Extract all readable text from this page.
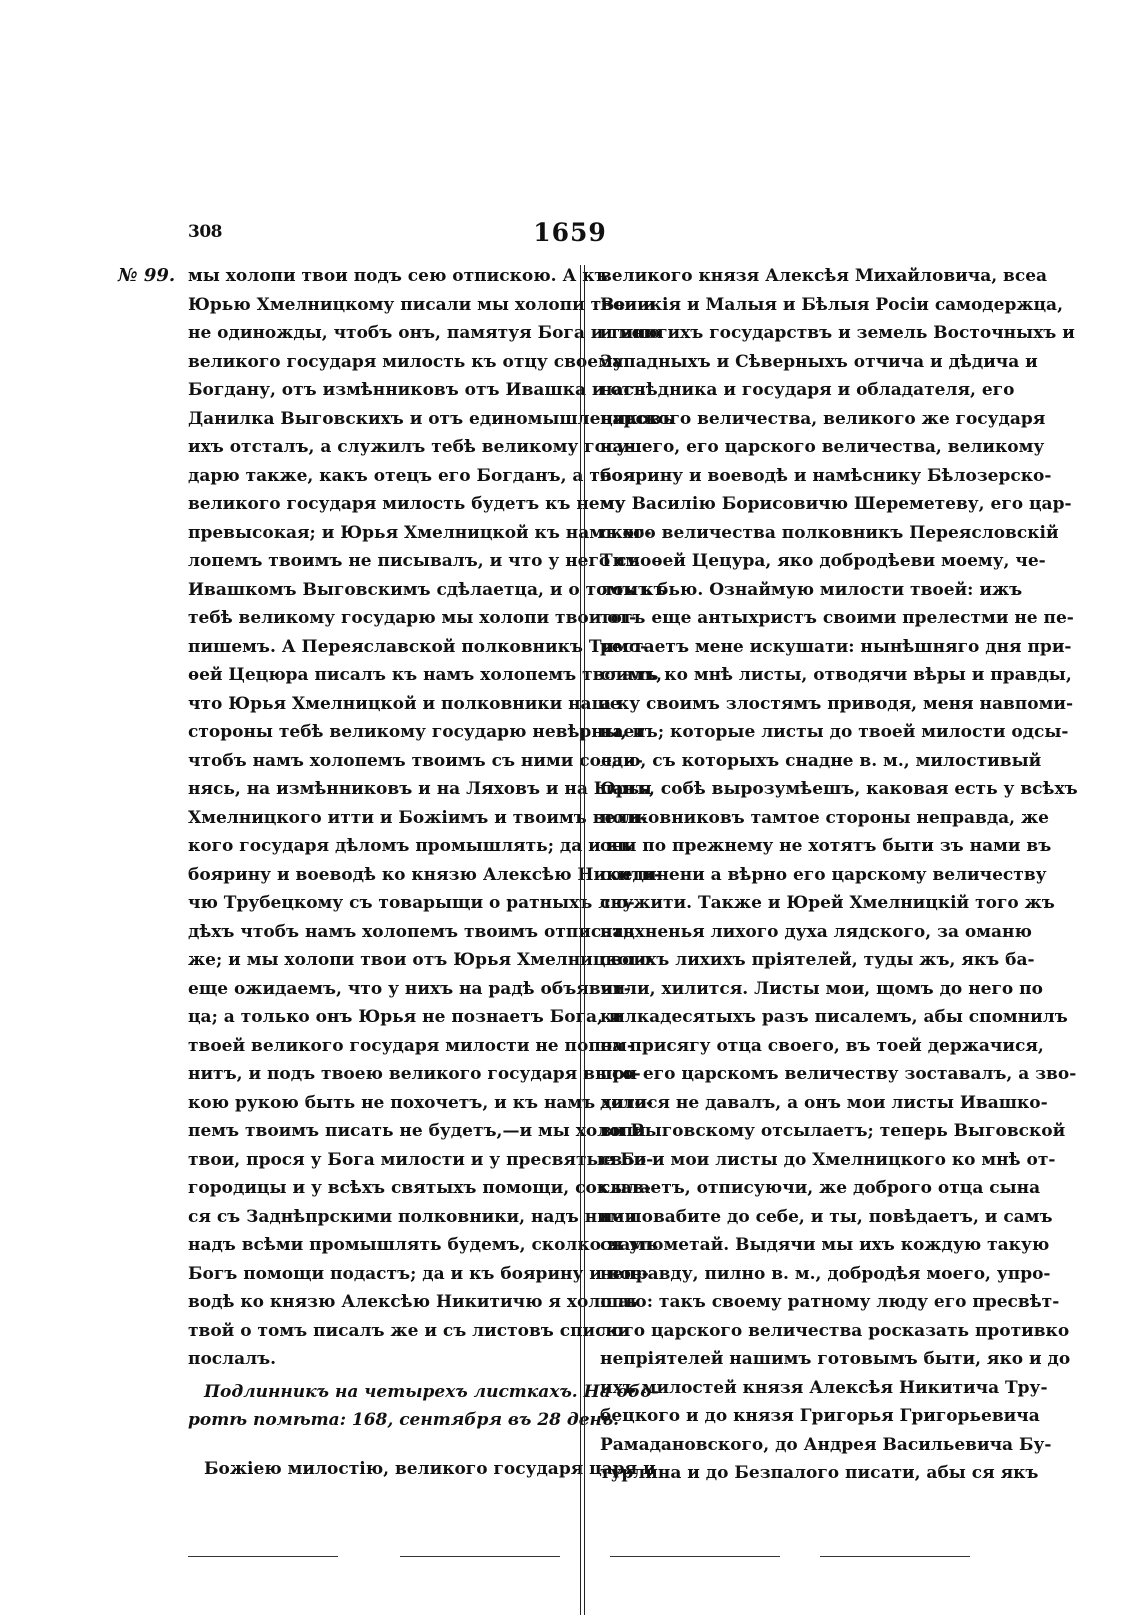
308	1659
№ 99. мы холопи твои подъ сею отпискою. А къ
Юрью Хмелницкому писали мы холопи твои и
не одиножды, чтобъ онъ, памятуя Бога и твою
великого государя милость къ отцу своему
Богдану, отъ измѣнниковъ отъ Ивашка и отъ
Данилка Выговскихъ и отъ единомышлениковъ
ихъ отсталъ, а служилъ тебѣ великому госу-
дарю также, какъ отецъ его Богданъ, а твоя
великого государя милость будетъ къ нему
превысокая; и Юрья Хмелницкой къ намъ хо-
лопемъ твоимъ не писывалъ, и что у него съ
Ивашкомъ Выговскимъ сдѣлаетца, и о томъ къ
тебѣ великому государю мы холопи твои от-
пишемъ. А Переяславской полковникъ Тимо-
ѳей Цецюра писалъ къ намъ холопемъ твоимъ,
что Юрья Хмелницкой и полковники наше
стороны тебѣ великому государю невѣрны, и
чтобъ намъ холопемъ твоимъ съ ними соеди-
нясь, на измѣнниковъ и на Ляховъ и на Юрья
Хмелницкого итти и Божіимъ и твоимъ вели-
кого государя дѣломъ промышлять; да и къ
боярину и воеводѣ ко князю Алексѣю Никити-
чю Трубецкому съ товарыщи о ратныхъ лю-
дѣхъ чтобъ намъ холопемъ твоимъ отписать
же; и мы холопи твои отъ Юрья Хмелницкого
еще ожидаемъ, что у нихъ на радѣ объявит-
ца; а только онъ Юрья не познаетъ Бога, и
твоей великого государя милости не попом-
нитъ, и подъ твоею великого государя высо-
кою рукою быть не похочетъ, и къ намъ холо-
пемъ твоимъ писать не будетъ,—и мы холопи
твои, прося у Бога милости и у пресвятые Бо-
городицы и у всѣхъ святыхъ помощи, соклав-
ся съ Заднѣпрскими полковники, надъ ними
надъ всѣми промышлять будемъ, сколко намъ
Богъ помощи подастъ; да и къ боярину и вое-
водѣ ко князю Алексѣю Никитичю я холопъ
твой о томъ писалъ же и съ листовъ списки
послалъ.
Подлинникъ на четырехъ листкахъ. На обо-
ротѣ помѣта: 168, сентября въ 28 день.
Божіею милостію, великого государя царя и
великого князя Алексѣя Михайловича, всеа
Великія и Малыя и Бѣлыя Росіи самодержца,
и многихъ государствъ и земель Восточныхъ и
Западныхъ и Сѣверныхъ отчича и дѣдича и
наслѣдника и государя и обладателя, его
царского величества, великого же государя
нашего, его царского величества, великому
боярину и воеводѣ и намѣснику Бѣлозерско-
му Василію Борисовичю Шереметеву, его цар-
ского величества полковникъ Переясловскій
Тимоѳей Цецура, яко добродѣеви моему, че-
ломъ бью. Ознаймую милости твоей: ижъ
тотъ еще антыхристъ своими прелестми не пе-
рестаетъ мене искушати: нынѣшняго дня при-
слалъ ко мнѣ листы, отводячи вѣры и правды,
а ку своимъ злостямъ приводя, меня навпоми-
наетъ; которые листы до твоей милости одсы-
лаю, съ которыхъ снадне в. м., милостивый
панъ, собѣ вырозумѣешъ, каковая есть у всѣхъ
полковниковъ тамтое стороны неправда, же
они по прежнему не хотятъ быти зъ нами въ
соединени а вѣрно его царскому величеству
служити. Также и Юрей Хмелницкій того жъ
надхненья лихого духа лядского, за оманю
своихъ лихихъ пріятелей, туды жъ, якъ ба-
чили, хилится. Листы мои, щомъ до него по
килкадесятыхъ разъ писалемъ, абы спомнилъ
на присягу отца своего, въ тоей держачися,
при его царскомъ величеству зоставалъ, а зво-
дитися не давалъ, а онъ мои листы Ивашко-
ви Выговскому отсылаетъ; теперь Выговской
свои и мои листы до Хмелницкого ко мнѣ от-
сылаетъ, отписуючи, же доброго отца сына
не повабите до себе, и ты, повѣдаетъ, и самъ
ся упометай. Выдячи мы ихъ кождую такую
неправду, пилно в. м., добродѣя моего, упро-
шаю: такъ своему ратному люду его пресвѣт-
лого царского величества росказать противко
непріятелей нашимъ готовымъ быти, яко и до
ихъ милостей князя Алексѣя Никитича Тру-
бецкого и до князя Григорья Григорьевича
Рамадановского, до Андрея Васильевича Бу-
турлина и до Безпалого писати, абы ся якъ
